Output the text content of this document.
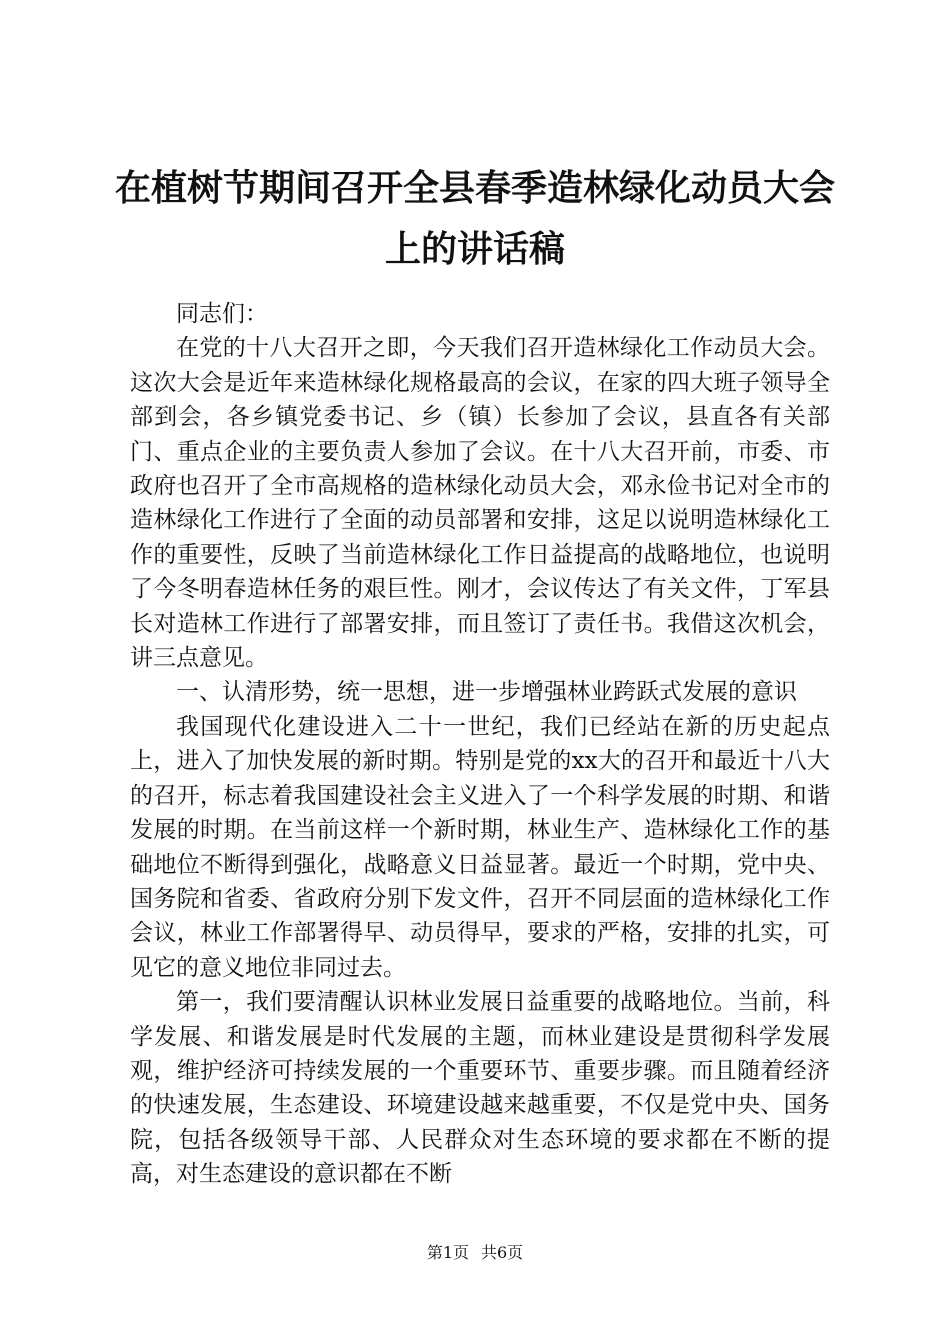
在植树节期间召开全县春季造林绿化动员大会
上的讲话稿

同志们：

在党的十八大召开之即，今天我们召开造林绿化工作动员大会。这次大会是近年来造林绿化规格最高的会议，在家的四大班子领导全部到会，各乡镇党委书记、乡（镇）长参加了会议，县直各有关部门、重点企业的主要负责人参加了会议。在十八大召开前，市委、市政府也召开了全市高规格的造林绿化动员大会，邓永俭书记对全市的造林绿化工作进行了全面的动员部署和安排，这足以说明造林绿化工作的重要性，反映了当前造林绿化工作日益提高的战略地位，也说明了今冬明春造林任务的艰巨性。刚才，会议传达了有关文件，丁军县长对造林工作进行了部署安排，而且签订了责任书。我借这次机会，讲三点意见。

一、认清形势，统一思想，进一步增强林业跨跃式发展的意识

我国现代化建设进入二十一世纪，我们已经站在新的历史起点上，进入了加快发展的新时期。特别是党的xx大的召开和最近十八大的召开，标志着我国建设社会主义进入了一个科学发展的时期、和谐发展的时期。在当前这样一个新时期，林业生产、造林绿化工作的基础地位不断得到强化，战略意义日益显著。最近一个时期，党中央、国务院和省委、省政府分别下发文件，召开不同层面的造林绿化工作会议，林业工作部署得早、动员得早，要求的严格，安排的扎实，可见它的意义地位非同过去。

第一，我们要清醒认识林业发展日益重要的战略地位。当前，科学发展、和谐发展是时代发展的主题，而林业建设是贯彻科学发展观，维护经济可持续发展的一个重要环节、重要步骤。而且随着经济的快速发展，生态建设、环境建设越来越重要，不仅是党中央、国务院，包括各级领导干部、人民群众对生态环境的要求都在不断的提高，对生态建设的意识都在不断

第1页 共6页
